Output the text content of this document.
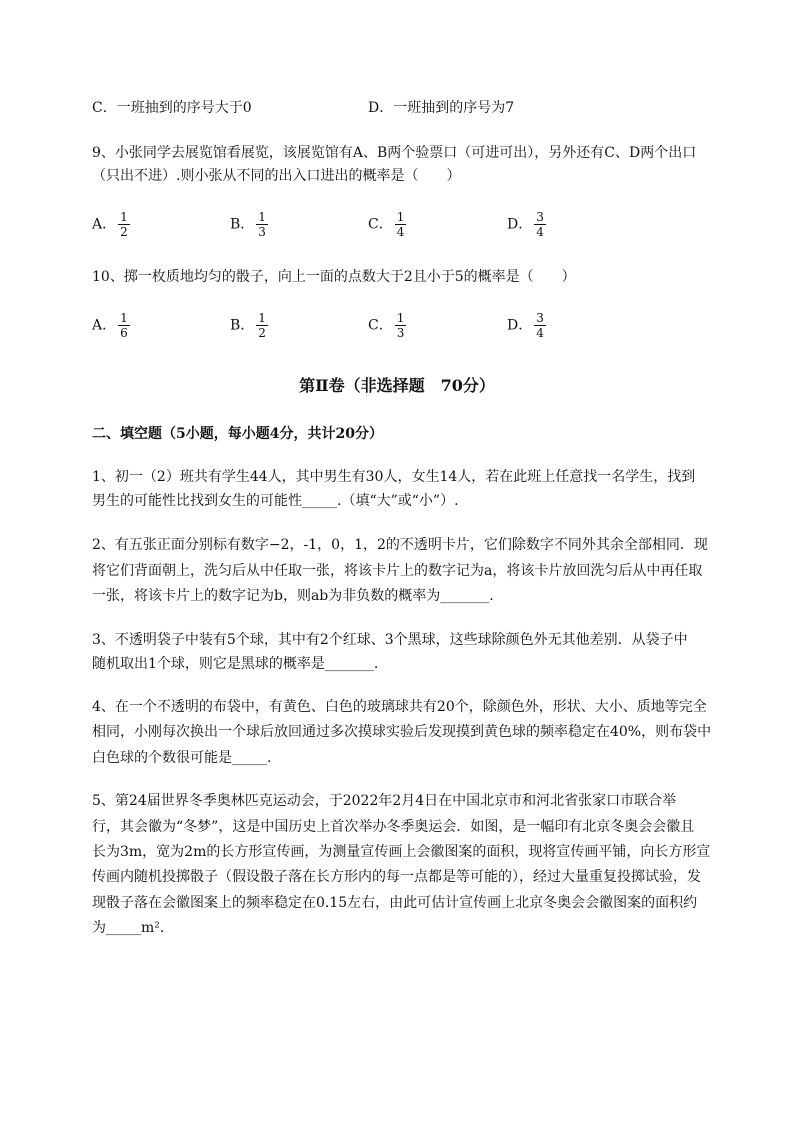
C．一班抽到的序号大于0	D．一班抽到的序号为7
9、小张同学去展览馆看展览，该展览馆有A、B两个验票口（可进可出），另外还有C、D两个出口
（只出不进）.则小张从不同的出入口进出的概率是（　　）
A． $\frac{1}{2}$	B． $\frac{1}{3}$	C． $\frac{1}{4}$	D． $\frac{3}{4}$
10、掷一枚质地均匀的骰子，向上一面的点数大于2且小于5的概率是（　　）
A． $\frac{1}{6}$	B． $\frac{1}{2}$	C． $\frac{1}{3}$	D． $\frac{3}{4}$
第Ⅱ卷（非选择题　70分）
二、填空题（5小题，每小题4分，共计20分）
1、初一（2）班共有学生44人，其中男生有30人，女生14人，若在此班上任意找一名学生，找到
男生的可能性比找到女生的可能性_____.（填“大”或“小”）.
2、有五张正面分别标有数字−2，-1，0，1，2的不透明卡片，它们除数字不同外其余全部相同．现
将它们背面朝上，洗匀后从中任取一张，将该卡片上的数字记为a，将该卡片放回洗匀后从中再任取
一张，将该卡片上的数字记为b，则ab为非负数的概率为_______.
3、不透明袋子中装有5个球，其中有2个红球、3个黑球，这些球除颜色外无其他差别．从袋子中
随机取出1个球，则它是黑球的概率是_______.
4、在一个不透明的布袋中，有黄色、白色的玻璃球共有20个，除颜色外，形状、大小、质地等完全
相同，小刚每次换出一个球后放回通过多次摸球实验后发现摸到黄色球的频率稳定在40%，则布袋中
白色球的个数很可能是_____.
5、第24届世界冬季奥林匹克运动会，于2022年2月4日在中国北京市和河北省张家口市联合举
行，其会徽为“冬梦”，这是中国历史上首次举办冬季奥运会．如图，是一幅印有北京冬奥会会徽且
长为3m，宽为2m的长方形宣传画，为测量宣传画上会徽图案的面积，现将宣传画平铺，向长方形宣
传画内随机投掷骰子（假设骰子落在长方形内的每一点都是等可能的），经过大量重复投掷试验，发
现骰子落在会徽图案上的频率稳定在0.15左右，由此可估计宣传画上北京冬奥会会徽图案的面积约
为_____m².
